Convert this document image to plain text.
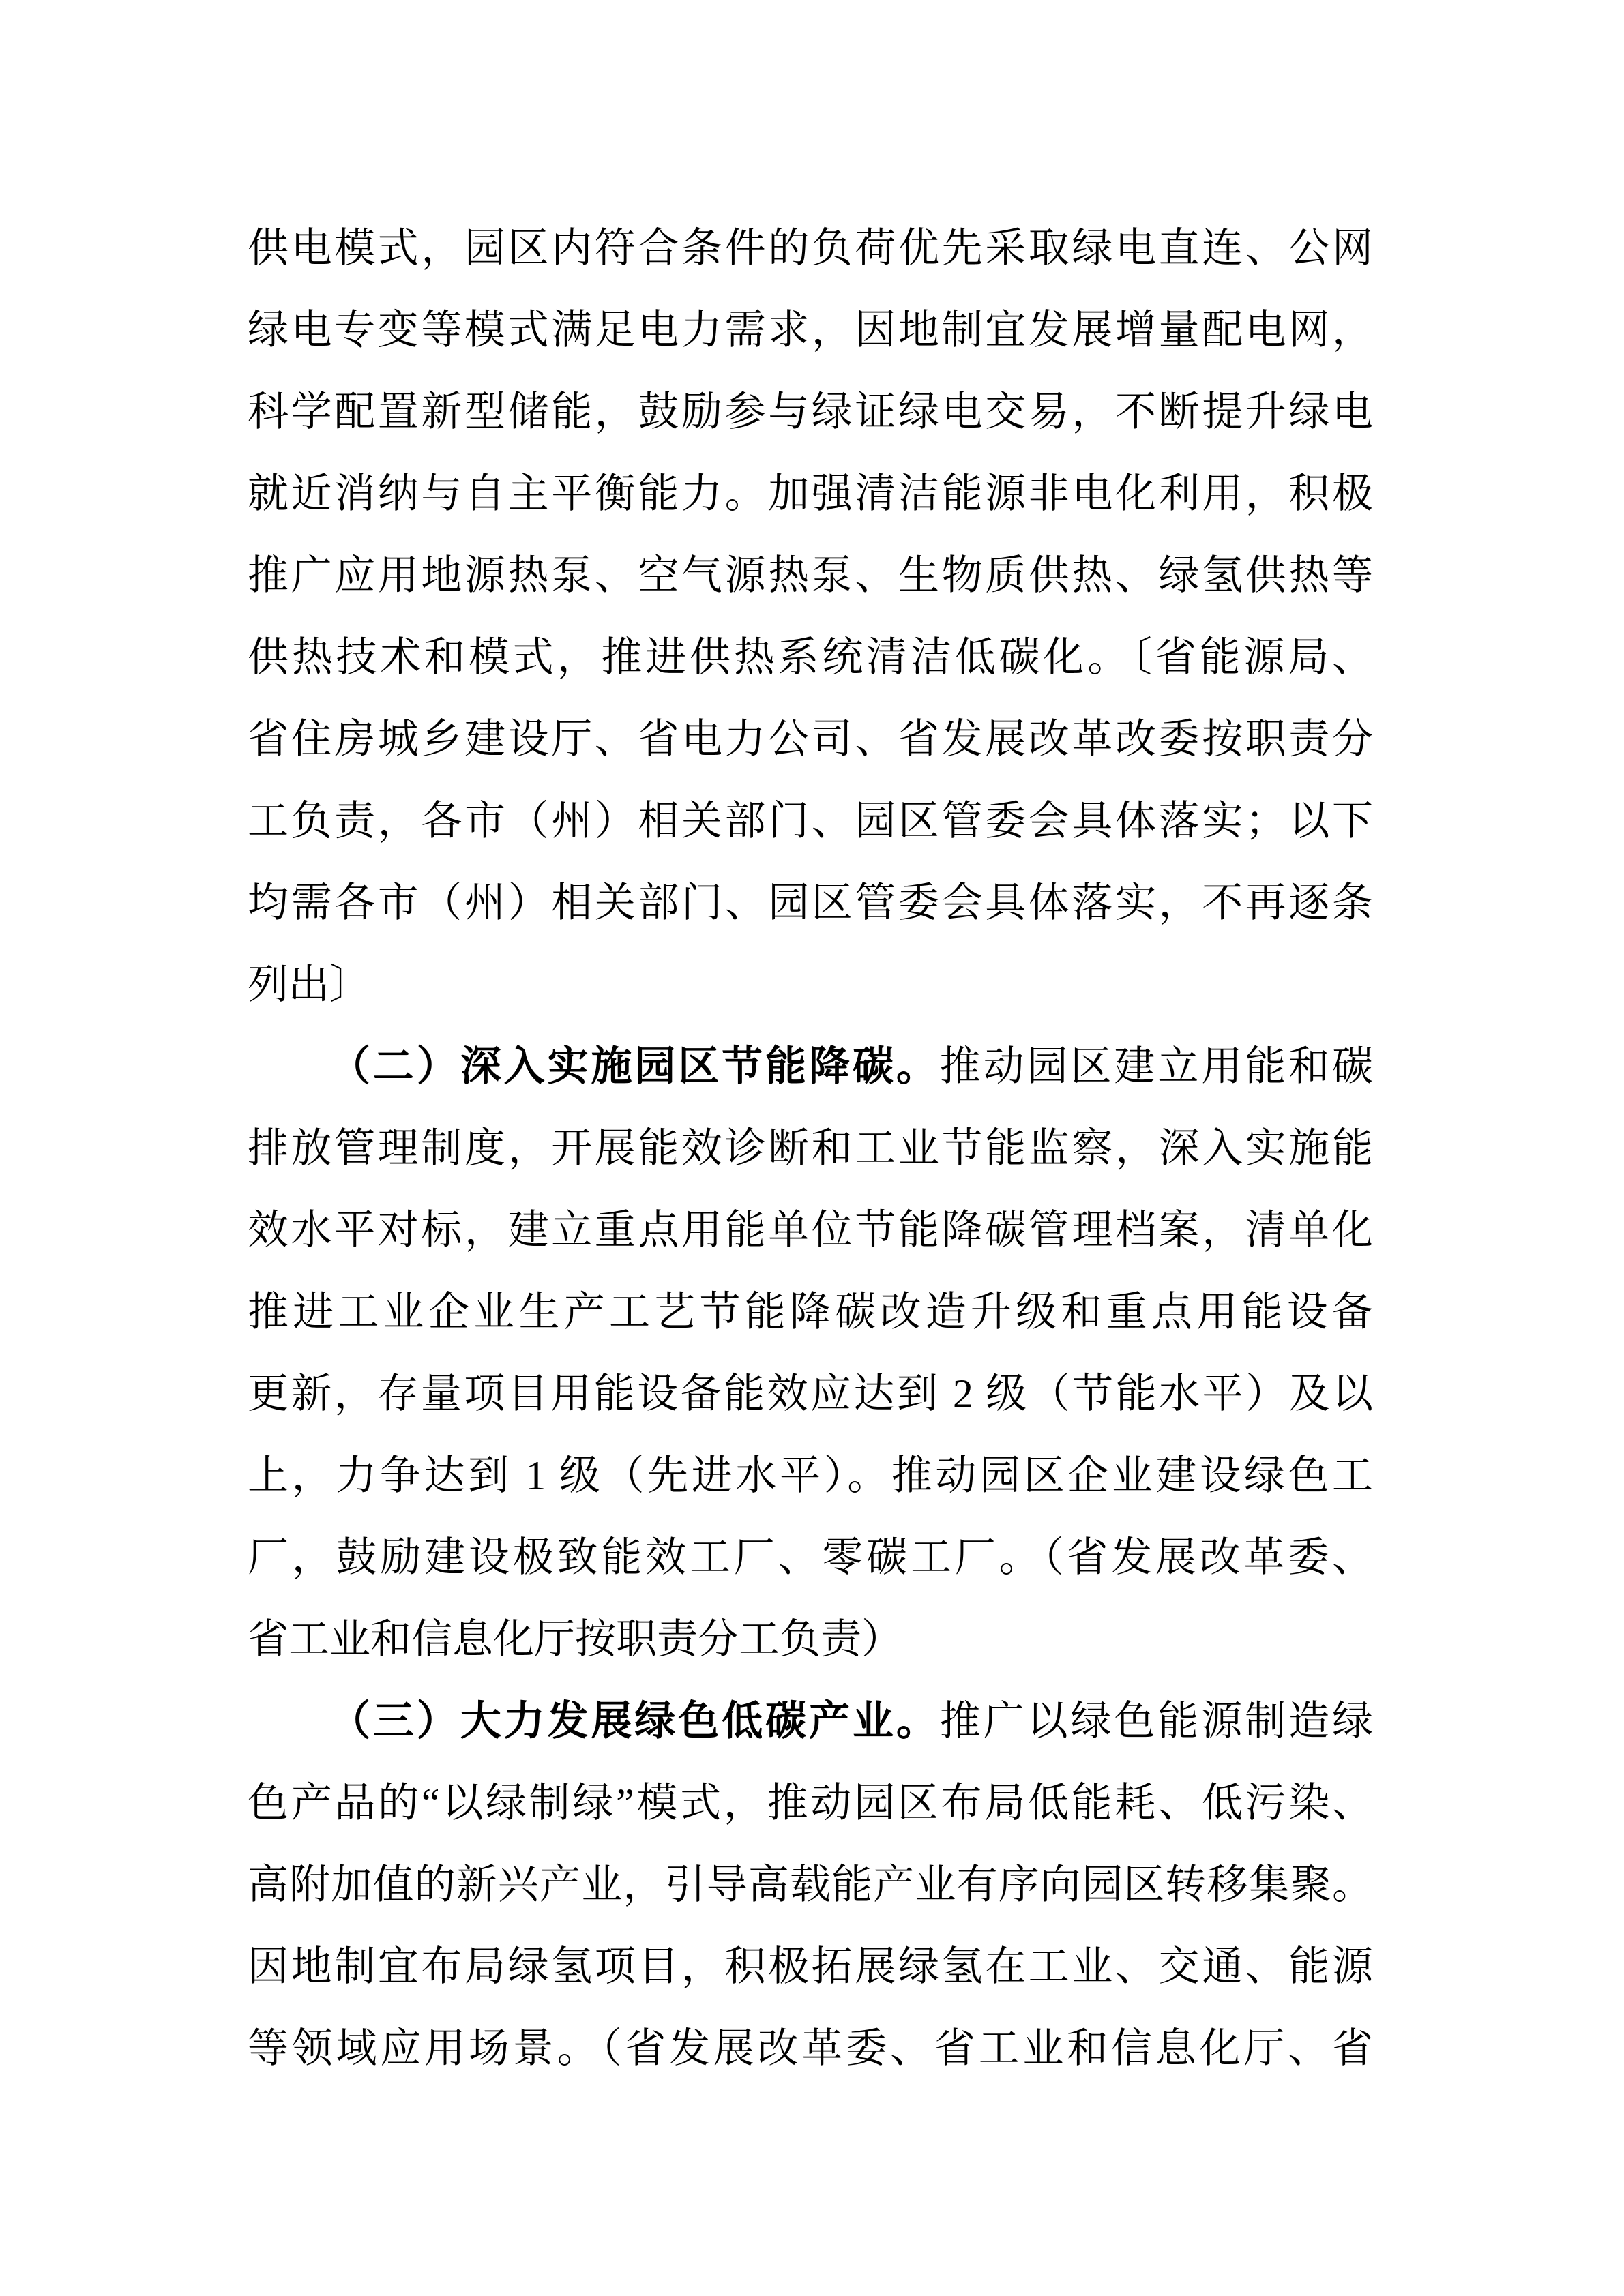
供电模式，园区内符合条件的负荷优先采取绿电直连、公网
绿电专变等模式满足电力需求，因地制宜发展增量配电网，
科学配置新型储能，鼓励参与绿证绿电交易，不断提升绿电
就近消纳与自主平衡能力。加强清洁能源非电化利用，积极
推广应用地源热泵、空气源热泵、生物质供热、绿氢供热等
供热技术和模式，推进供热系统清洁低碳化。〔省能源局、
省住房城乡建设厅、省电力公司、省发展改革改委按职责分
工负责，各市（州）相关部门、园区管委会具体落实；以下
均需各市（州）相关部门、园区管委会具体落实，不再逐条
列出〕
（二）深入实施园区节能降碳。推动园区建立用能和碳
排放管理制度，开展能效诊断和工业节能监察，深入实施能
效水平对标，建立重点用能单位节能降碳管理档案，清单化
推进工业企业生产工艺节能降碳改造升级和重点用能设备
更新，存量项目用能设备能效应达到 2 级（节能水平）及以
上，力争达到 1 级（先进水平）。推动园区企业建设绿色工
厂，鼓励建设极致能效工厂、零碳工厂。（省发展改革委、
省工业和信息化厅按职责分工负责）
（三）大力发展绿色低碳产业。推广以绿色能源制造绿
色产品的“以绿制绿”模式，推动园区布局低能耗、低污染、
高附加值的新兴产业，引导高载能产业有序向园区转移集聚。
因地制宜布局绿氢项目，积极拓展绿氢在工业、交通、能源
等领域应用场景。（省发展改革委、省工业和信息化厅、省
